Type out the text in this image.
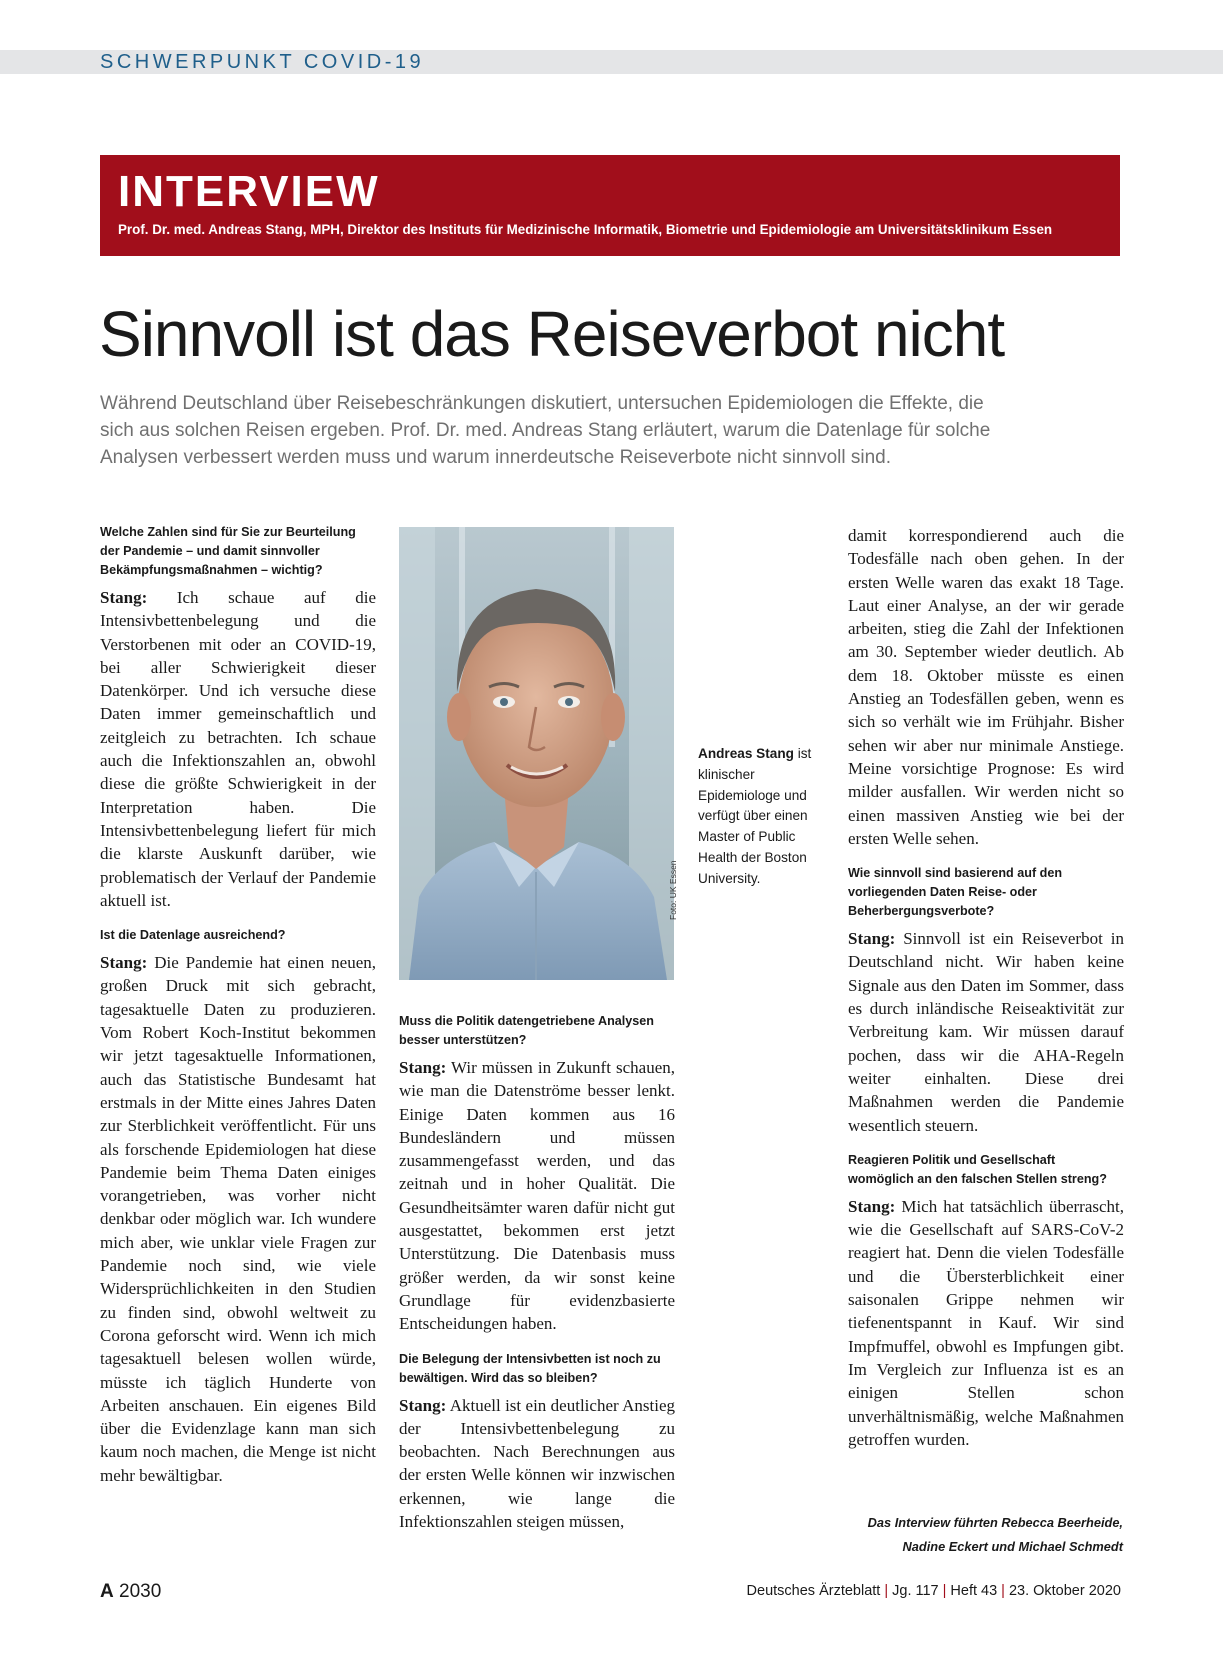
SCHWERPUNKT COVID-19
INTERVIEW
Prof. Dr. med. Andreas Stang, MPH, Direktor des Instituts für Medizinische Informatik, Biometrie und Epidemiologie am Universitätsklinikum Essen
Sinnvoll ist das Reiseverbot nicht
Während Deutschland über Reisebeschränkungen diskutiert, untersuchen Epidemiologen die Effekte, die sich aus solchen Reisen ergeben. Prof. Dr. med. Andreas Stang erläutert, warum die Datenlage für solche Analysen verbessert werden muss und warum innerdeutsche Reiseverbote nicht sinnvoll sind.

Welche Zahlen sind für Sie zur Beurteilung der Pandemie – und damit sinnvoller Bekämpfungsmaßnahmen – wichtig?

Stang: Ich schaue auf die Intensivbettenbelegung und die Verstorbenen mit oder an COVID-19, bei aller Schwierigkeit dieser Datenkörper. Und ich versuche diese Daten immer gemeinschaftlich und zeitgleich zu betrachten. Ich schaue auch die Infektionszahlen an, obwohl diese die größte Schwierigkeit in der Interpretation haben. Die Intensivbettenbelegung liefert für mich die klarste Auskunft darüber, wie problematisch der Verlauf der Pandemie aktuell ist.

Ist die Datenlage ausreichend?

Stang: Die Pandemie hat einen neuen, großen Druck mit sich gebracht, tagesaktuelle Daten zu produzieren. Vom Robert Koch-Institut bekommen wir jetzt tagesaktuelle Informationen, auch das Statistische Bundesamt hat erstmals in der Mitte eines Jahres Daten zur Sterblichkeit veröffentlicht. Für uns als forschende Epidemiologen hat diese Pandemie beim Thema Daten einiges vorangetrieben, was vorher nicht denkbar oder möglich war. Ich wundere mich aber, wie unklar viele Fragen zur Pandemie noch sind, wie viele Widersprüchlichkeiten in den Studien zu finden sind, obwohl weltweit zu Corona geforscht wird. Wenn ich mich tagesaktuell belesen wollen würde, müsste ich täglich Hunderte von Arbeiten anschauen. Ein eigenes Bild über die Evidenzlage kann man sich kaum noch machen, die Menge ist nicht mehr bewältigbar.

Foto: UK Essen
Andreas Stang ist klinischer Epidemiologe und verfügt über einen Master of Public Health der Boston University.

Muss die Politik datengetriebene Analysen besser unterstützen?

Stang: Wir müssen in Zukunft schauen, wie man die Datenströme besser lenkt. Einige Daten kommen aus 16 Bundesländern und müssen zusammengefasst werden, und das zeitnah und in hoher Qualität. Die Gesundheitsämter waren dafür nicht gut ausgestattet, bekommen erst jetzt Unterstützung. Die Datenbasis muss größer werden, da wir sonst keine Grundlage für evidenzbasierte Entscheidungen haben.

Die Belegung der Intensivbetten ist noch zu bewältigen. Wird das so bleiben?

Stang: Aktuell ist ein deutlicher Anstieg der Intensivbettenbelegung zu beobachten. Nach Berechnungen aus der ersten Welle können wir inzwischen erkennen, wie lange die Infektionszahlen steigen müssen,

damit korrespondierend auch die Todesfälle nach oben gehen. In der ersten Welle waren das exakt 18 Tage. Laut einer Analyse, an der wir gerade arbeiten, stieg die Zahl der Infektionen am 30. September wieder deutlich. Ab dem 18. Oktober müsste es einen Anstieg an Todesfällen geben, wenn es sich so verhält wie im Frühjahr. Bisher sehen wir aber nur minimale Anstiege. Meine vorsichtige Prognose: Es wird milder ausfallen. Wir werden nicht so einen massiven Anstieg wie bei der ersten Welle sehen.

Wie sinnvoll sind basierend auf den vorliegenden Daten Reise- oder Beherbergungsverbote?

Stang: Sinnvoll ist ein Reiseverbot in Deutschland nicht. Wir haben keine Signale aus den Daten im Sommer, dass es durch inländische Reiseaktivität zur Verbreitung kam. Wir müssen darauf pochen, dass wir die AHA-Regeln weiter einhalten. Diese drei Maßnahmen werden die Pandemie wesentlich steuern.

Reagieren Politik und Gesellschaft womöglich an den falschen Stellen streng?

Stang: Mich hat tatsächlich überrascht, wie die Gesellschaft auf SARS-CoV-2 reagiert hat. Denn die vielen Todesfälle und die Übersterblichkeit einer saisonalen Grippe nehmen wir tiefenentspannt in Kauf. Wir sind Impfmuffel, obwohl es Impfungen gibt. Im Vergleich zur Influenza ist es an einigen Stellen schon unverhältnismäßig, welche Maßnahmen getroffen wurden.

Das Interview führten Rebecca Beerheide,
Nadine Eckert und Michael Schmedt
A 2030	Deutsches Ärzteblatt | Jg. 117 | Heft 43 | 23. Oktober 2020
